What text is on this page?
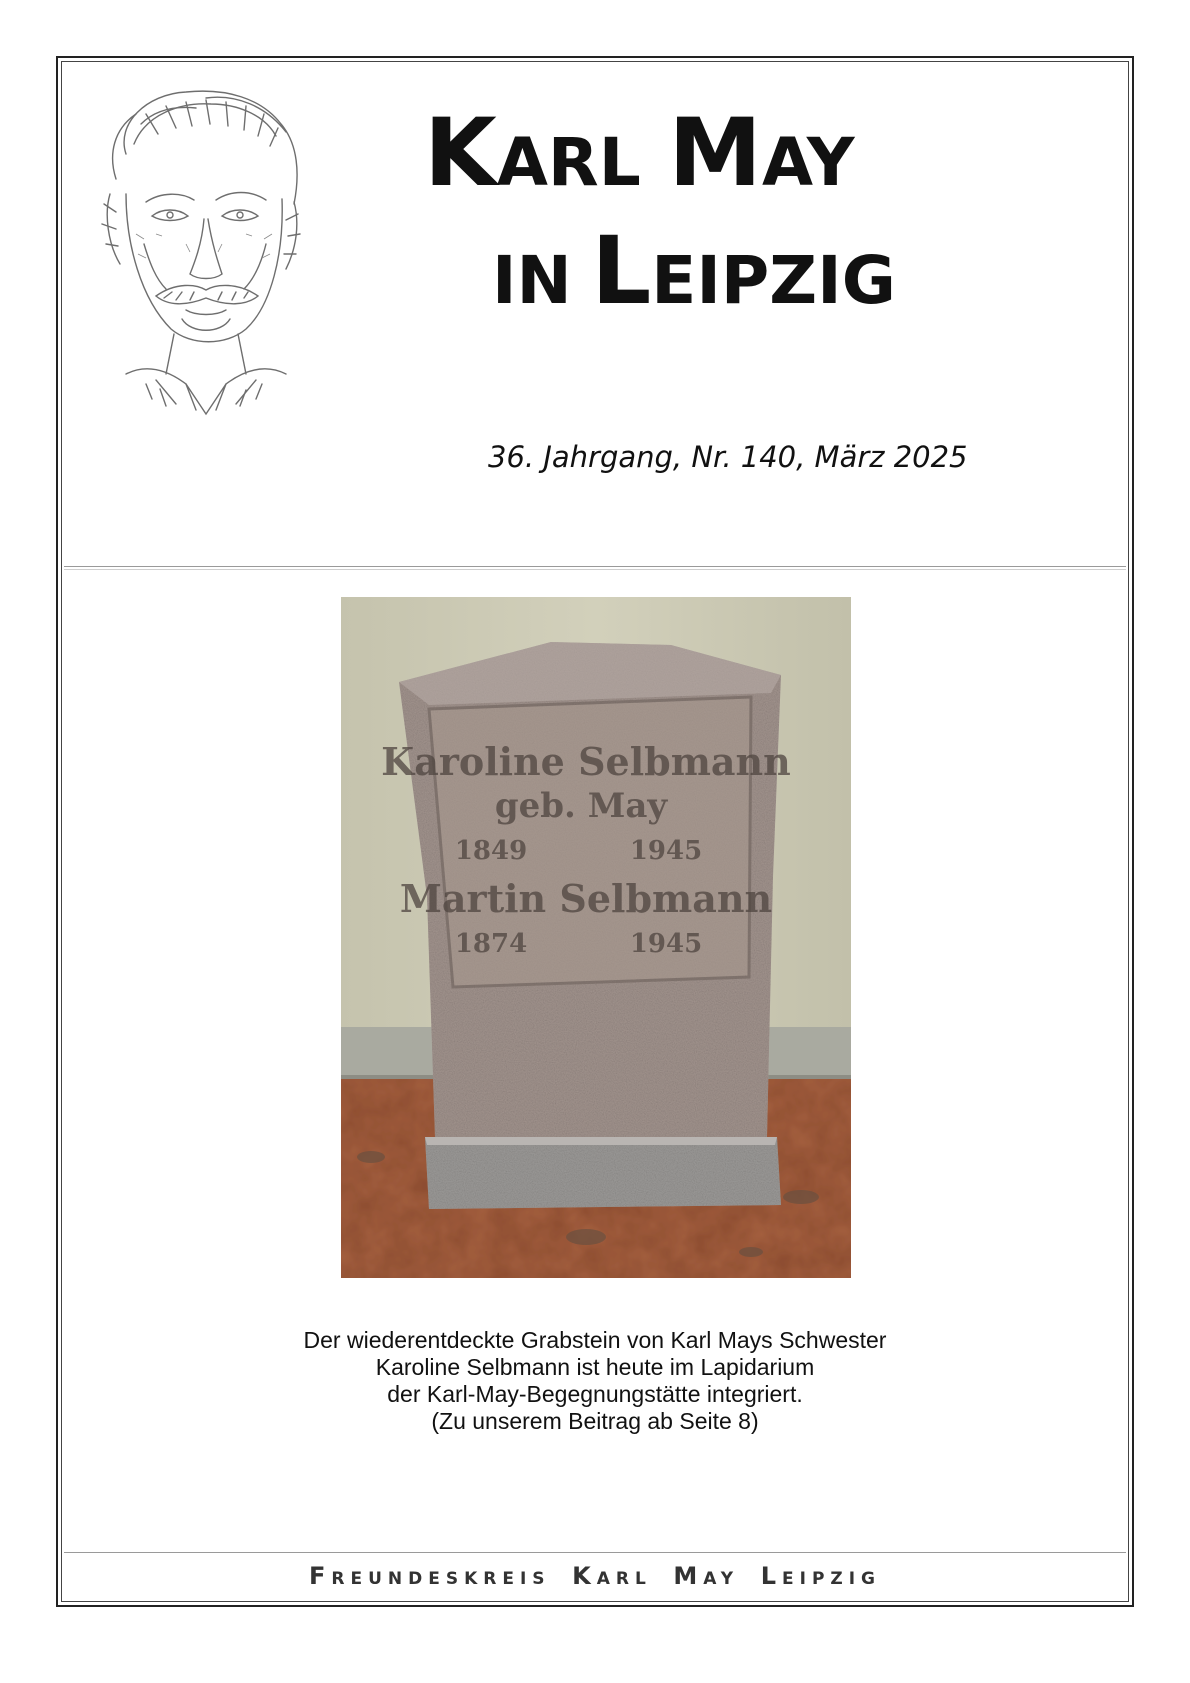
KARL MAY
IN LEIPZIG
36. Jahrgang, Nr. 140, März 2025
Karoline Selbmann
geb. May
1849	1945
Martin Selbmann
1874	1945
Der wiederentdeckte Grabstein von Karl Mays Schwester
Karoline Selbmann ist heute im Lapidarium
der Karl-May-Begegnungstätte integriert.
(Zu unserem Beitrag ab Seite 8)
FREUNDESKREIS KARL MAY LEIPZIG
